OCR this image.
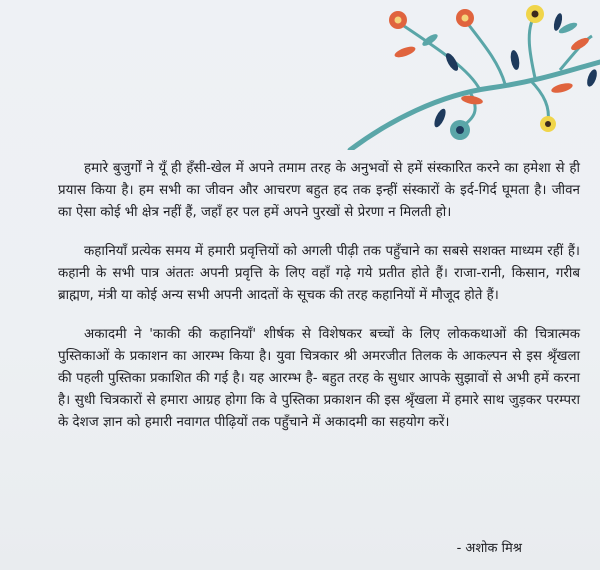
हमारे बुजुर्गों ने यूँ ही हँसी-खेल में अपने तमाम तरह के अनुभवों से हमें संस्कारित करने का हमेशा से ही प्रयास किया है। हम सभी का जीवन और आचरण बहुत हद तक इन्हीं संस्कारों के इर्द-गिर्द घूमता है। जीवन का ऐसा कोई भी क्षेत्र नहीं हैं, जहाँ हर पल हमें अपने पुरखों से प्रेरणा न मिलती हो।

कहानियाँ प्रत्येक समय में हमारी प्रवृत्तियों को अगली पीढ़ी तक पहुँचाने का सबसे सशक्त माध्यम रहीं हैं। कहानी के सभी पात्र अंततः अपनी प्रवृत्ति के लिए वहाँ गढ़े गये प्रतीत होते हैं। राजा-रानी, किसान, गरीब ब्राह्मण, मंत्री या कोई अन्य सभी अपनी आदतों के सूचक की तरह कहानियों में मौजूद होते हैं।

अकादमी ने 'काकी की कहानियाँ' शीर्षक से विशेषकर बच्चों के लिए लोककथाओं की चित्रात्मक पुस्तिकाओं के प्रकाशन का आरम्भ किया है। युवा चित्रकार श्री अमरजीत तिलक के आकल्पन से इस श्रृँखला की पहली पुस्तिका प्रकाशित की गई है। यह आरम्भ है- बहुत तरह के सुधार आपके सुझावों से अभी हमें करना है। सुधी चित्रकारों से हमारा आग्रह होगा कि वे पुस्तिका प्रकाशन की इस श्रृँखला में हमारे साथ जुड़कर परम्परा के देशज ज्ञान को हमारी नवागत पीढ़ियों तक पहुँचाने में अकादमी का सहयोग करें।

- अशोक मिश्र
